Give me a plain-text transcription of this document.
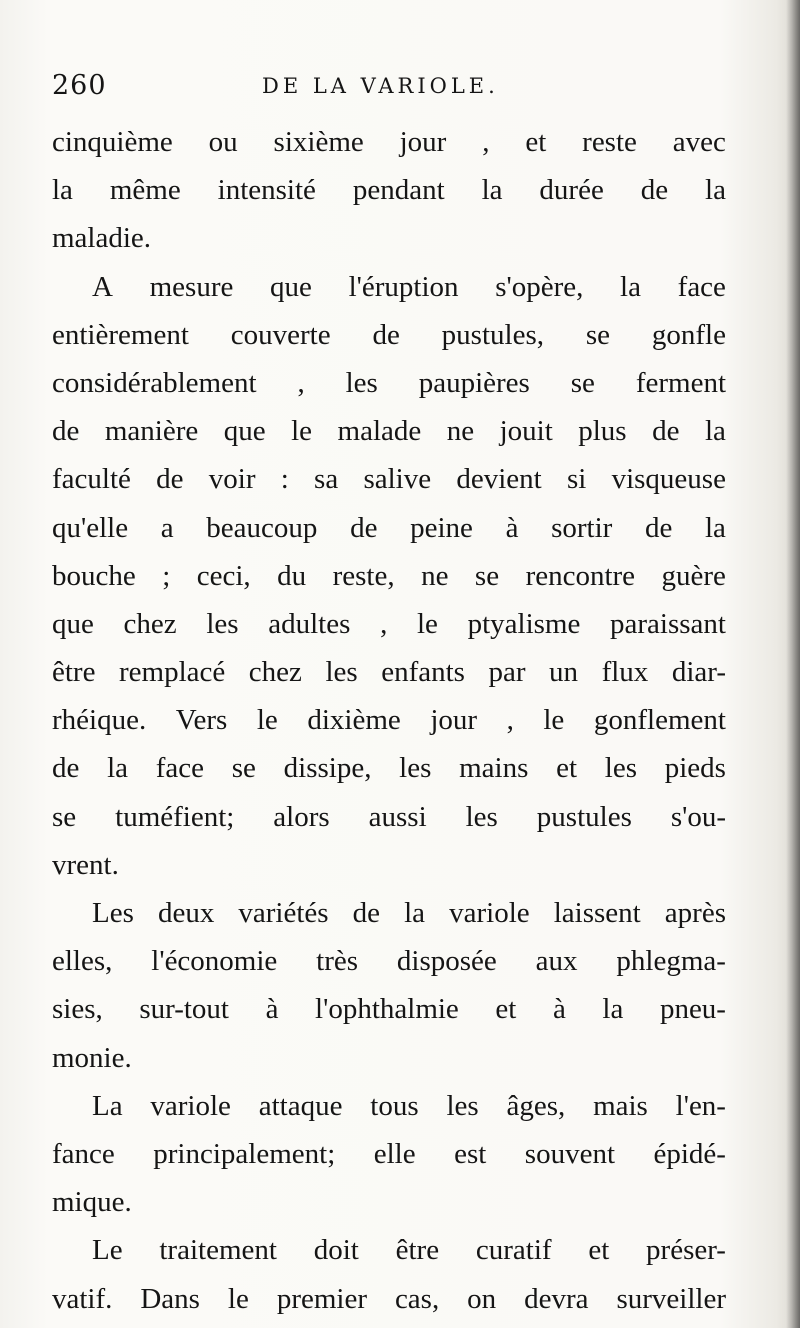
260	DE LA VARIOLE.
cinquième ou sixième jour , et reste avec
la même intensité pendant la durée de la
maladie.
A mesure que l'éruption s'opère, la face
entièrement couverte de pustules, se gonfle
considérablement , les paupières se ferment
de manière que le malade ne jouit plus de la
faculté de voir : sa salive devient si visqueuse
qu'elle a beaucoup de peine à sortir de la
bouche ; ceci, du reste, ne se rencontre guère
que chez les adultes , le ptyalisme paraissant
être remplacé chez les enfants par un flux diar-
rhéique. Vers le dixième jour , le gonflement
de la face se dissipe, les mains et les pieds
se tuméfient; alors aussi les pustules s'ou-
vrent.
Les deux variétés de la variole laissent après
elles, l'économie très disposée aux phlegma-
sies, sur-tout à l'ophthalmie et à la pneu-
monie.
La variole attaque tous les âges, mais l'en-
fance principalement; elle est souvent épidé-
mique.
Le traitement doit être curatif et préser-
vatif. Dans le premier cas, on devra surveiller
